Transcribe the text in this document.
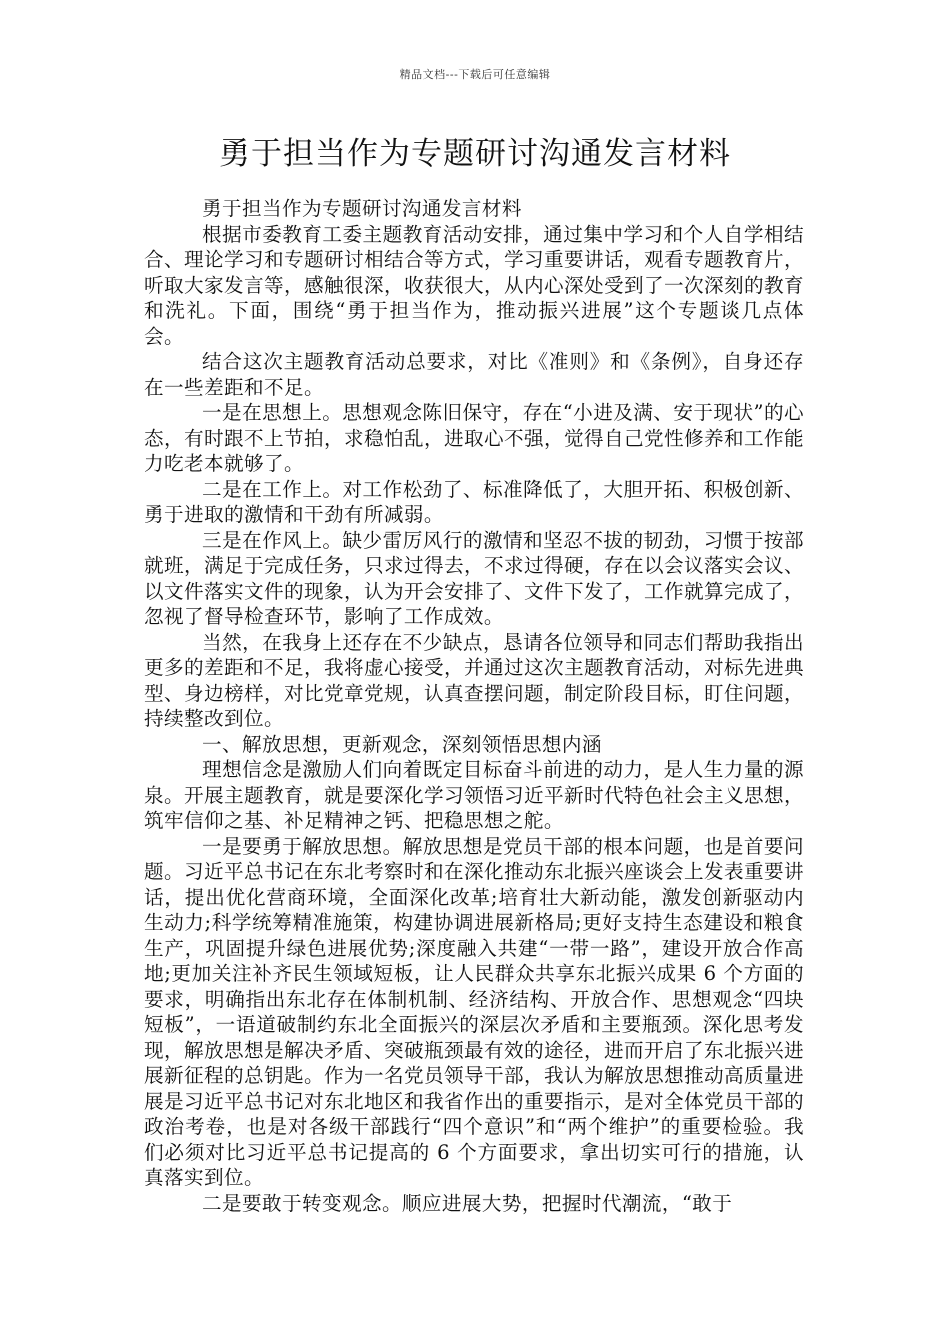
精品文档---下载后可任意编辑
勇于担当作为专题研讨沟通发言材料

勇于担当作为专题研讨沟通发言材料

根据市委教育工委主题教育活动安排，通过集中学习和个人自学相结合、理论学习和专题研讨相结合等方式，学习重要讲话，观看专题教育片，听取大家发言等，感触很深，收获很大，从内心深处受到了一次深刻的教育和洗礼。下面，围绕“勇于担当作为，推动振兴进展”这个专题谈几点体会。

结合这次主题教育活动总要求，对比《准则》和《条例》，自身还存在一些差距和不足。

一是在思想上。思想观念陈旧保守，存在“小进及满、安于现状”的心态，有时跟不上节拍，求稳怕乱，进取心不强，觉得自己党性修养和工作能力吃老本就够了。

二是在工作上。对工作松劲了、标准降低了，大胆开拓、积极创新、勇于进取的激情和干劲有所减弱。

三是在作风上。缺少雷厉风行的激情和坚忍不拔的韧劲，习惯于按部就班，满足于完成任务，只求过得去，不求过得硬，存在以会议落实会议、以文件落实文件的现象，认为开会安排了、文件下发了，工作就算完成了，忽视了督导检查环节，影响了工作成效。

当然，在我身上还存在不少缺点，恳请各位领导和同志们帮助我指出更多的差距和不足，我将虚心接受，并通过这次主题教育活动，对标先进典型、身边榜样，对比党章党规，认真查摆问题，制定阶段目标，盯住问题，持续整改到位。

一、解放思想，更新观念，深刻领悟思想内涵

理想信念是激励人们向着既定目标奋斗前进的动力，是人生力量的源泉。开展主题教育，就是要深化学习领悟习近平新时代特色社会主义思想，筑牢信仰之基、补足精神之钙、把稳思想之舵。

一是要勇于解放思想。解放思想是党员干部的根本问题，也是首要问题。习近平总书记在东北考察时和在深化推动东北振兴座谈会上发表重要讲话，提出优化营商环境，全面深化改革;培育壮大新动能，激发创新驱动内生动力;科学统筹精准施策，构建协调进展新格局;更好支持生态建设和粮食生产，巩固提升绿色进展优势;深度融入共建“一带一路”，建设开放合作高地;更加关注补齐民生领域短板，让人民群众共享东北振兴成果 6 个方面的要求，明确指出东北存在体制机制、经济结构、开放合作、思想观念“四块短板”，一语道破制约东北全面振兴的深层次矛盾和主要瓶颈。深化思考发现，解放思想是解决矛盾、突破瓶颈最有效的途径，进而开启了东北振兴进展新征程的总钥匙。作为一名党员领导干部，我认为解放思想推动高质量进展是习近平总书记对东北地区和我省作出的重要指示，是对全体党员干部的政治考卷，也是对各级干部践行“四个意识”和“两个维护”的重要检验。我们必须对比习近平总书记提高的 6 个方面要求，拿出切实可行的措施，认真落实到位。

二是要敢于转变观念。顺应进展大势，把握时代潮流，“敢于
